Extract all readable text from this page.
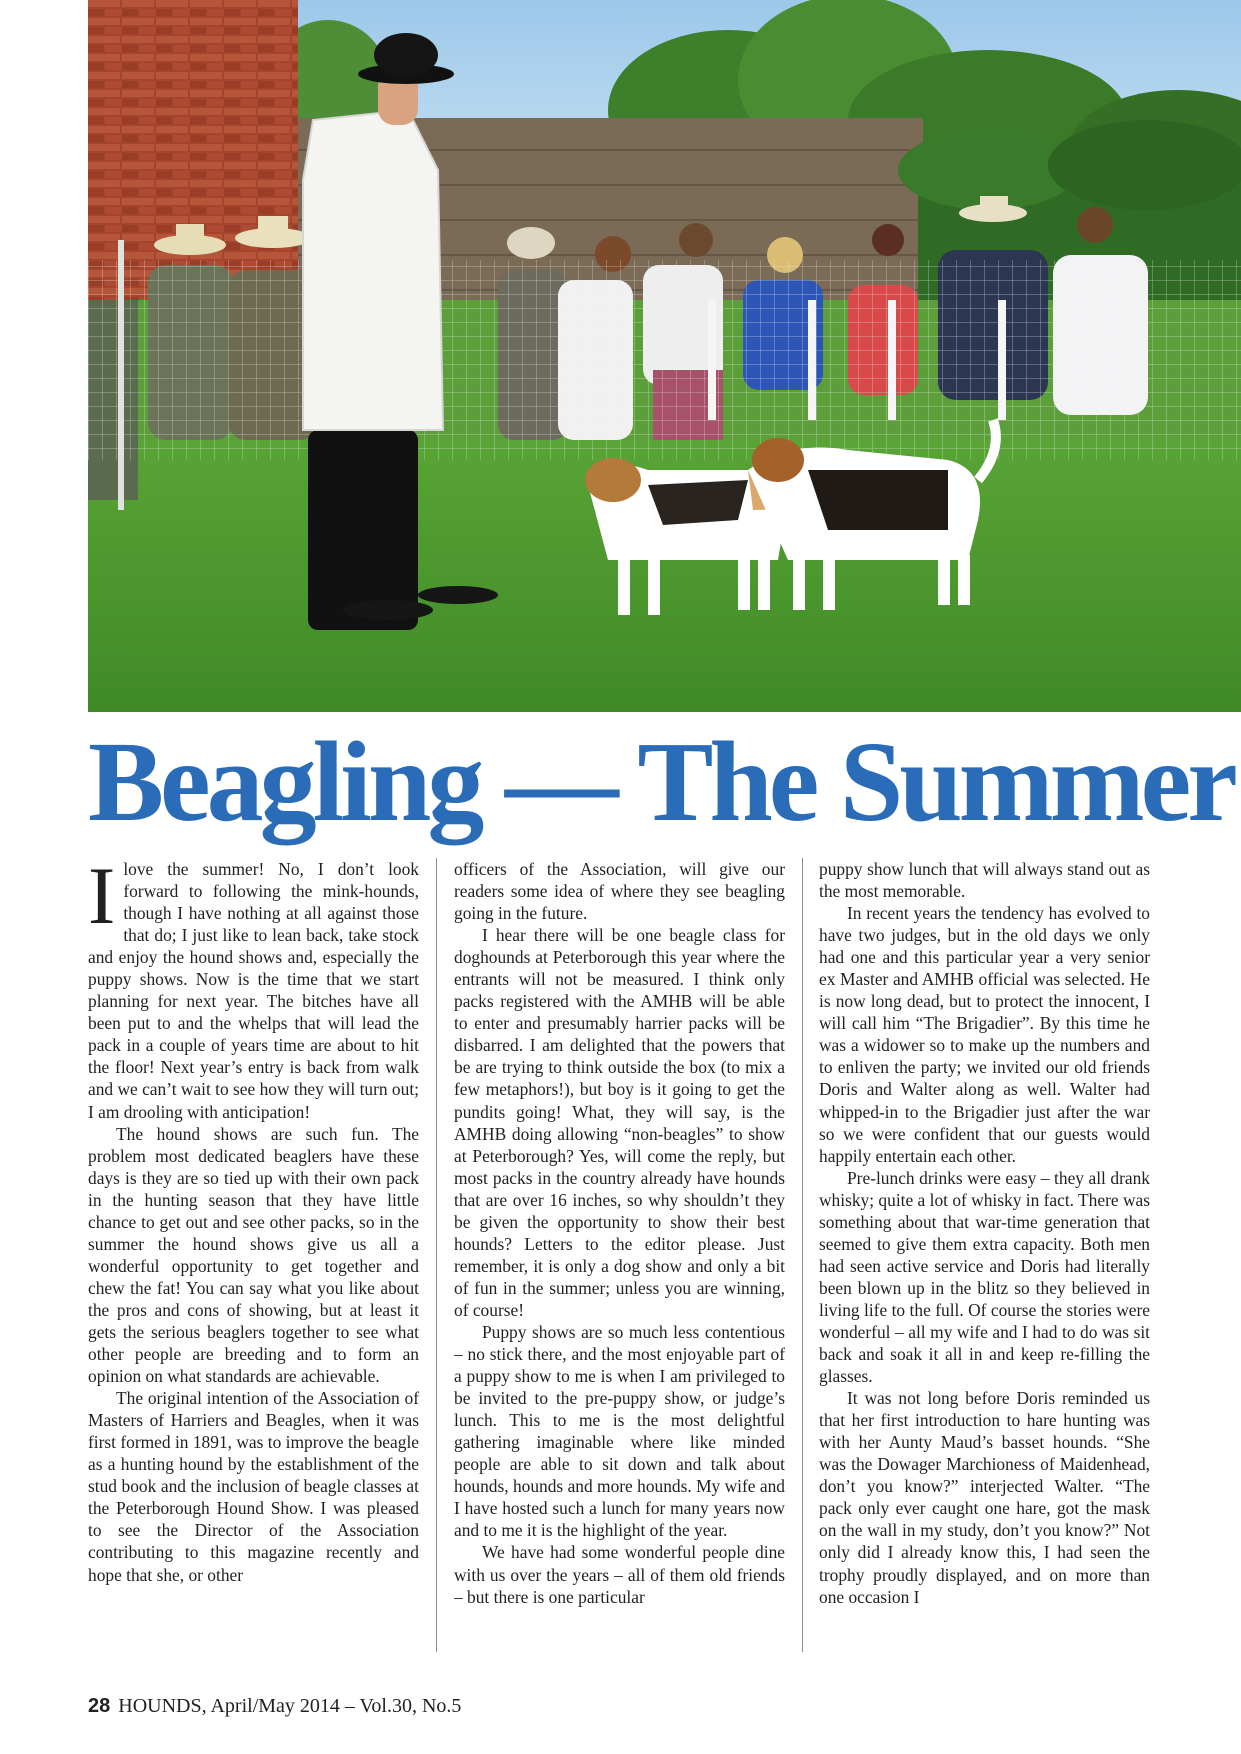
Beagling — The Summer

Ilove the summer! No, I don’t look forward to following the mink-hounds, though I have nothing at all against those that do; I just like to lean back, take stock and enjoy the hound shows and, especially the puppy shows. Now is the time that we start planning for next year. The bitches have all been put to and the whelps that will lead the pack in a couple of years time are about to hit the floor! Next year’s entry is back from walk and we can’t wait to see how they will turn out; I am drooling with anticipation!

The hound shows are such fun. The problem most dedicated beaglers have these days is they are so tied up with their own pack in the hunting season that they have little chance to get out and see other packs, so in the summer the hound shows give us all a wonderful opportunity to get together and chew the fat! You can say what you like about the pros and cons of showing, but at least it gets the serious beaglers together to see what other people are breeding and to form an opinion on what standards are achievable.

The original intention of the Association of Masters of Harriers and Beagles, when it was first formed in 1891, was to improve the beagle as a hunting hound by the establishment of the stud book and the inclusion of beagle classes at the Peterborough Hound Show. I was pleased to see the Director of the Association contributing to this magazine recently and hope that she, or other

officers of the Association, will give our readers some idea of where they see beagling going in the future.

I hear there will be one beagle class for doghounds at Peterborough this year where the entrants will not be measured. I think only packs registered with the AMHB will be able to enter and presumably harrier packs will be disbarred. I am delighted that the powers that be are trying to think outside the box (to mix a few metaphors!), but boy is it going to get the pundits going! What, they will say, is the AMHB doing allowing “non-beagles” to show at Peterborough? Yes, will come the reply, but most packs in the country already have hounds that are over 16 inches, so why shouldn’t they be given the opportunity to show their best hounds? Letters to the editor please. Just remember, it is only a dog show and only a bit of fun in the summer; unless you are winning, of course!

Puppy shows are so much less contentious – no stick there, and the most enjoyable part of a puppy show to me is when I am privileged to be invited to the pre-puppy show, or judge’s lunch. This to me is the most delightful gathering imaginable where like minded people are able to sit down and talk about hounds, hounds and more hounds. My wife and I have hosted such a lunch for many years now and to me it is the highlight of the year.

We have had some wonderful people dine with us over the years – all of them old friends – but there is one particular

puppy show lunch that will always stand out as the most memorable.

In recent years the tendency has evolved to have two judges, but in the old days we only had one and this particular year a very senior ex Master and AMHB official was selected. He is now long dead, but to protect the innocent, I will call him “The Brigadier”. By this time he was a widower so to make up the numbers and to enliven the party; we invited our old friends Doris and Walter along as well. Walter had whipped-in to the Brigadier just after the war so we were confident that our guests would happily entertain each other.

Pre-lunch drinks were easy – they all drank whisky; quite a lot of whisky in fact. There was something about that war-time generation that seemed to give them extra capacity. Both men had seen active service and Doris had literally been blown up in the blitz so they believed in living life to the full. Of course the stories were wonderful – all my wife and I had to do was sit back and soak it all in and keep re-filling the glasses.

It was not long before Doris reminded us that her first introduction to hare hunting was with her Aunty Maud’s basset hounds. “She was the Dowager Marchioness of Maidenhead, don’t you know?” interjected Walter. “The pack only ever caught one hare, got the mask on the wall in my study, don’t you know?” Not only did I already know this, I had seen the trophy proudly displayed, and on more than one occasion I

28 HOUNDS, April/May 2014 – Vol.30, No.5
